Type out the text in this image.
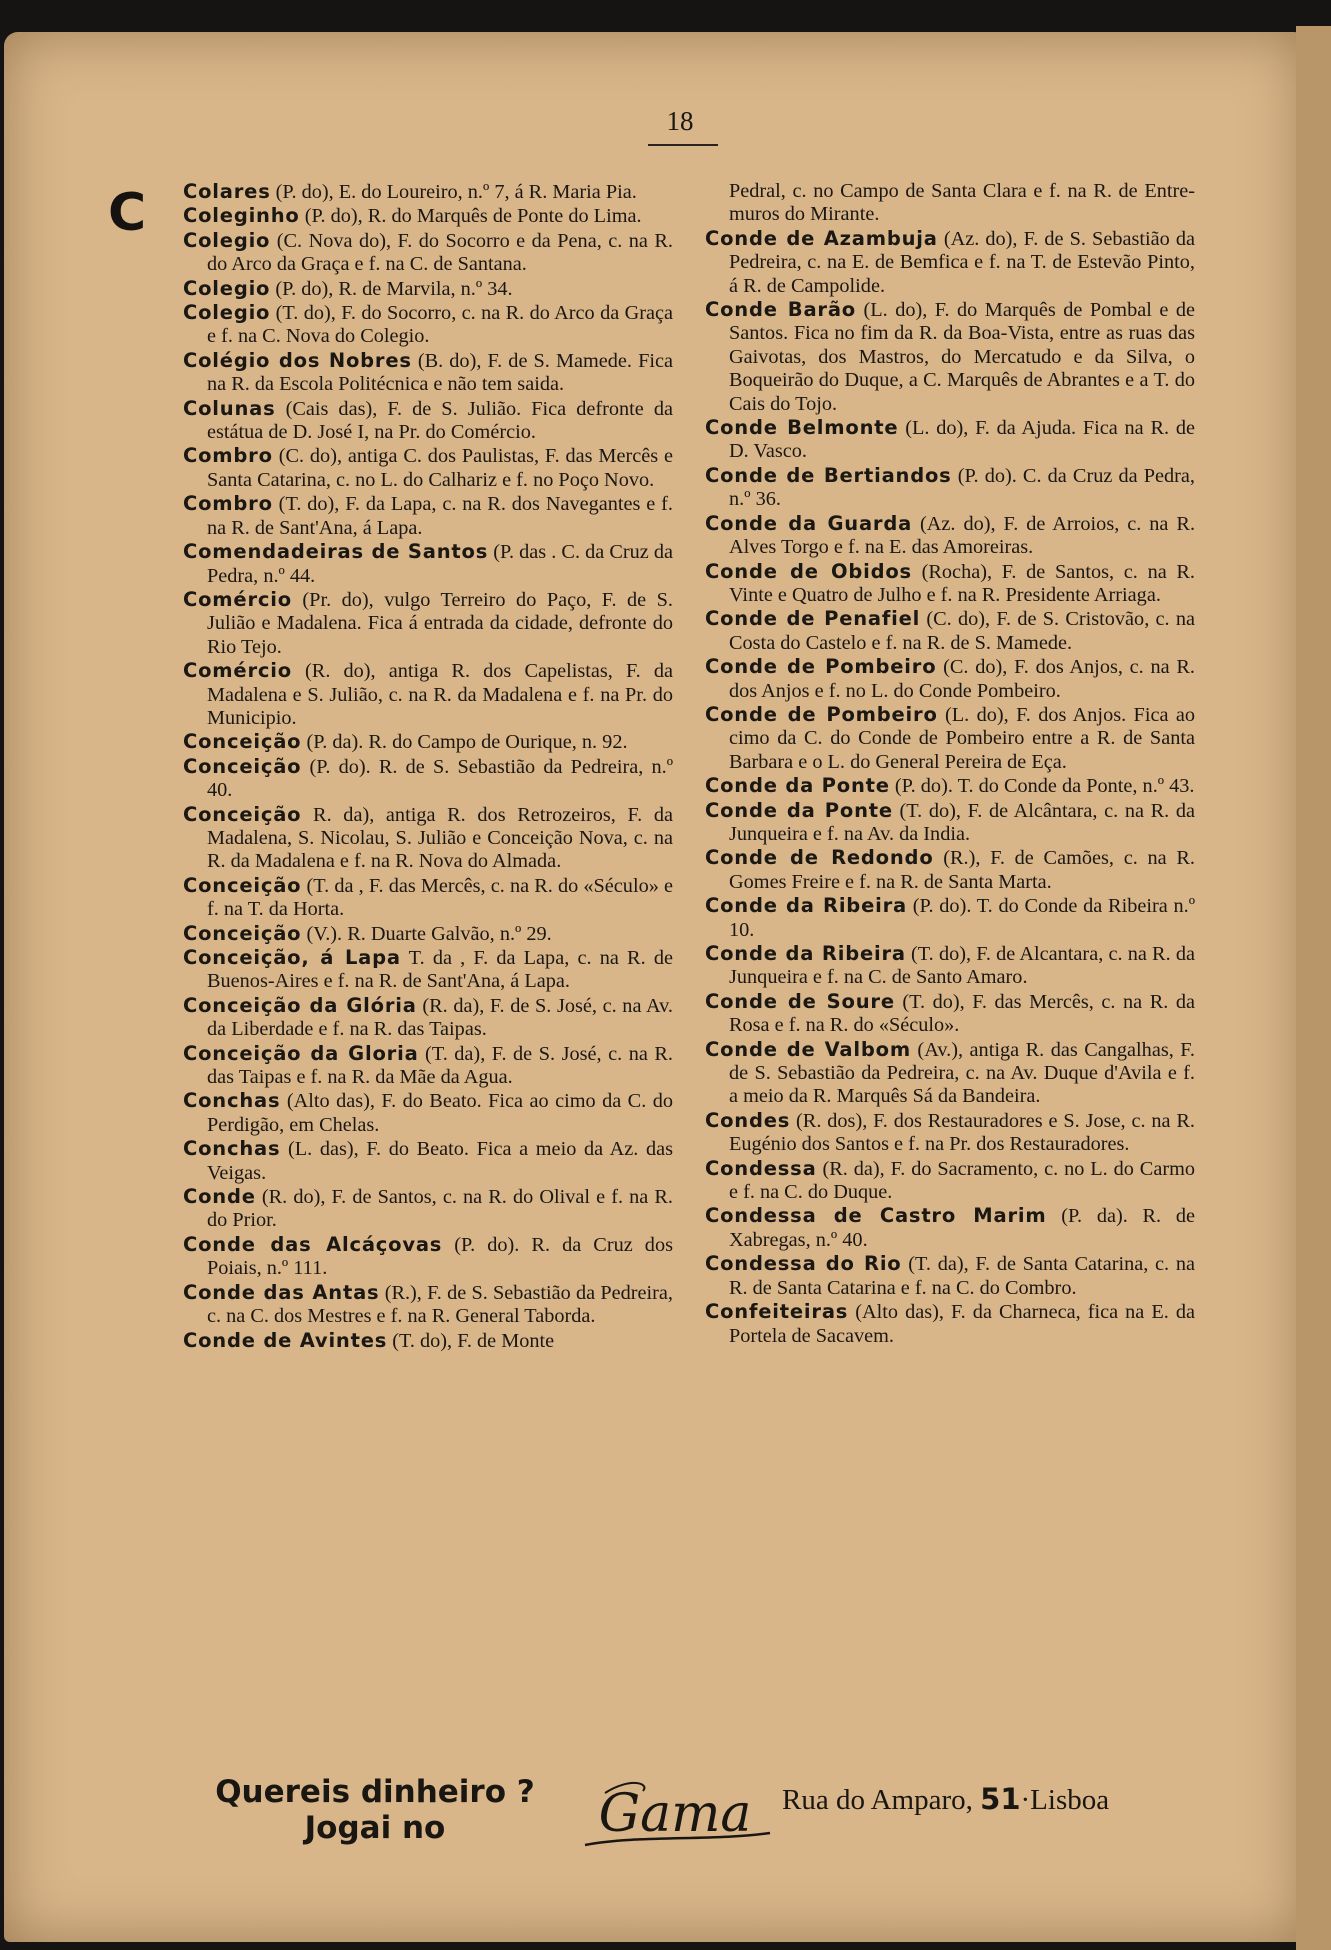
18
C Colares (P. do), E. do Loureiro, n.º 7, á R. Maria Pia.

Coleginho (P. do), R. do Marquês de Ponte do Lima.

Colegio (C. Nova do), F. do Socorro e da Pena, c. na R. do Arco da Graça e f. na C. de Santana.

Colegio (P. do), R. de Marvila, n.º 34.

Colegio (T. do), F. do Socorro, c. na R. do Arco da Graça e f. na C. Nova do Colegio.

Colégio dos Nobres (B. do), F. de S. Mamede. Fica na R. da Escola Politécnica e não tem saida.

Colunas (Cais das), F. de S. Julião. Fica defronte da estátua de D. José I, na Pr. do Comércio.

Combro (C. do), antiga C. dos Paulistas, F. das Mercês e Santa Catarina, c. no L. do Calhariz e f. no Poço Novo.

Combro (T. do), F. da Lapa, c. na R. dos Navegantes e f. na R. de Sant'Ana, á Lapa.

Comendadeiras de Santos (P. das . C. da Cruz da Pedra, n.º 44.

Comércio (Pr. do), vulgo Terreiro do Paço, F. de S. Julião e Madalena. Fica á entrada da cidade, defronte do Rio Tejo.

Comércio (R. do), antiga R. dos Capelistas, F. da Madalena e S. Julião, c. na R. da Madalena e f. na Pr. do Municipio.

Conceição (P. da). R. do Campo de Ourique, n. 92.

Conceição (P. do). R. de S. Sebastião da Pedreira, n.º 40.

Conceição R. da), antiga R. dos Retrozeiros, F. da Madalena, S. Nicolau, S. Julião e Conceição Nova, c. na R. da Madalena e f. na R. Nova do Almada.

Conceição (T. da , F. das Mercês, c. na R. do «Século» e f. na T. da Horta.

Conceição (V.). R. Duarte Galvão, n.º 29.

Conceição, á Lapa T. da , F. da Lapa, c. na R. de Buenos-Aires e f. na R. de Sant'Ana, á Lapa.

Conceição da Glória (R. da), F. de S. José, c. na Av. da Liberdade e f. na R. das Taipas.

Conceição da Gloria (T. da), F. de S. José, c. na R. das Taipas e f. na R. da Mãe da Agua.

Conchas (Alto das), F. do Beato. Fica ao cimo da C. do Perdigão, em Chelas.

Conchas (L. das), F. do Beato. Fica a meio da Az. das Veigas.

Conde (R. do), F. de Santos, c. na R. do Olival e f. na R. do Prior.

Conde das Alcáçovas (P. do). R. da Cruz dos Poiais, n.º 111.

Conde das Antas (R.), F. de S. Sebastião da Pedreira, c. na C. dos Mestres e f. na R. General Taborda.

Conde de Avintes (T. do), F. de Monte

Pedral, c. no Campo de Santa Clara e f. na R. de Entre-muros do Mirante.

Conde de Azambuja (Az. do), F. de S. Sebastião da Pedreira, c. na E. de Bemfica e f. na T. de Estevão Pinto, á R. de Campolide.

Conde Barão (L. do), F. do Marquês de Pombal e de Santos. Fica no fim da R. da Boa-Vista, entre as ruas das Gaivotas, dos Mastros, do Mercatudo e da Silva, o Boqueirão do Duque, a C. Marquês de Abrantes e a T. do Cais do Tojo.

Conde Belmonte (L. do), F. da Ajuda. Fica na R. de D. Vasco.

Conde de Bertiandos (P. do). C. da Cruz da Pedra, n.º 36.

Conde da Guarda (Az. do), F. de Arroios, c. na R. Alves Torgo e f. na E. das Amoreiras.

Conde de Obidos (Rocha), F. de Santos, c. na R. Vinte e Quatro de Julho e f. na R. Presidente Arriaga.

Conde de Penafiel (C. do), F. de S. Cristovão, c. na Costa do Castelo e f. na R. de S. Mamede.

Conde de Pombeiro (C. do), F. dos Anjos, c. na R. dos Anjos e f. no L. do Conde Pombeiro.

Conde de Pombeiro (L. do), F. dos Anjos. Fica ao cimo da C. do Conde de Pombeiro entre a R. de Santa Barbara e o L. do General Pereira de Eça.

Conde da Ponte (P. do). T. do Conde da Ponte, n.º 43.

Conde da Ponte (T. do), F. de Alcântara, c. na R. da Junqueira e f. na Av. da India.

Conde de Redondo (R.), F. de Camões, c. na R. Gomes Freire e f. na R. de Santa Marta.

Conde da Ribeira (P. do). T. do Conde da Ribeira n.º 10.

Conde da Ribeira (T. do), F. de Alcantara, c. na R. da Junqueira e f. na C. de Santo Amaro.

Conde de Soure (T. do), F. das Mercês, c. na R. da Rosa e f. na R. do «Século».

Conde de Valbom (Av.), antiga R. das Cangalhas, F. de S. Sebastião da Pedreira, c. na Av. Duque d'Avila e f. a meio da R. Marquês Sá da Bandeira.

Condes (R. dos), F. dos Restauradores e S. Jose, c. na R. Eugénio dos Santos e f. na Pr. dos Restauradores.

Condessa (R. da), F. do Sacramento, c. no L. do Carmo e f. na C. do Duque.

Condessa de Castro Marim (P. da). R. de Xabregas, n.º 40.

Condessa do Rio (T. da), F. de Santa Catarina, c. na R. de Santa Catarina e f. na C. do Combro.

Confeiteiras (Alto das), F. da Charneca, fica na E. da Portela de Sacavem.

Quereis dinheiro ?
Jogai no	Gama Rua do Amparo, 51·Lisboa
